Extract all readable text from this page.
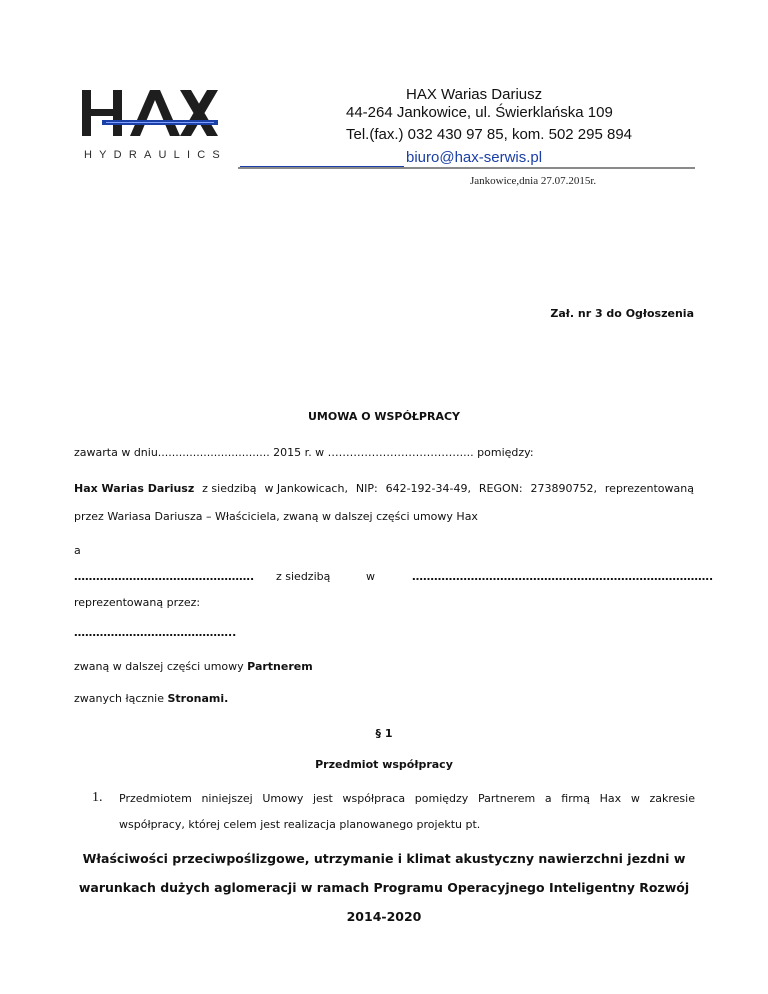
HYDRAULICS
HAX Warias Dariusz
44-264 Jankowice, ul. Świerklańska 109
Tel.(fax.) 032 430 97 85, kom. 502 295 894
biuro@hax-serwis.pl
Jankowice,dnia 27.07.2015r.
Zał. nr 3 do Ogłoszenia
UMOWA O WSPÓŁPRACY
zawarta w dniu................................ 2015 r. w ……………………………….... pomiędzy:
Hax Warias Dariusz z siedzibą w Jankowicach, NIP: 642-192-34-49, REGON: 273890752, reprezentowaną
przez Wariasa Dariusza – Właściciela, zwaną w dalszej części umowy Hax
a
…………………………………………. z siedzibą	w	……………………………………………………………………….
reprezentowaną przez:
……………………………………..
zwaną w dalszej części umowy Partnerem
zwanych łącznie Stronami.
§ 1
Przedmiot współpracy
1. Przedmiotem niniejszej Umowy jest współpraca pomiędzy Partnerem a firmą Hax w zakresie
współpracy, której celem jest realizacja planowanego projektu pt.
Właściwości przeciwpoślizgowe, utrzymanie i klimat akustyczny nawierzchni jezdni w
warunkach dużych aglomeracji w ramach Programu Operacyjnego Inteligentny Rozwój
2014-2020
